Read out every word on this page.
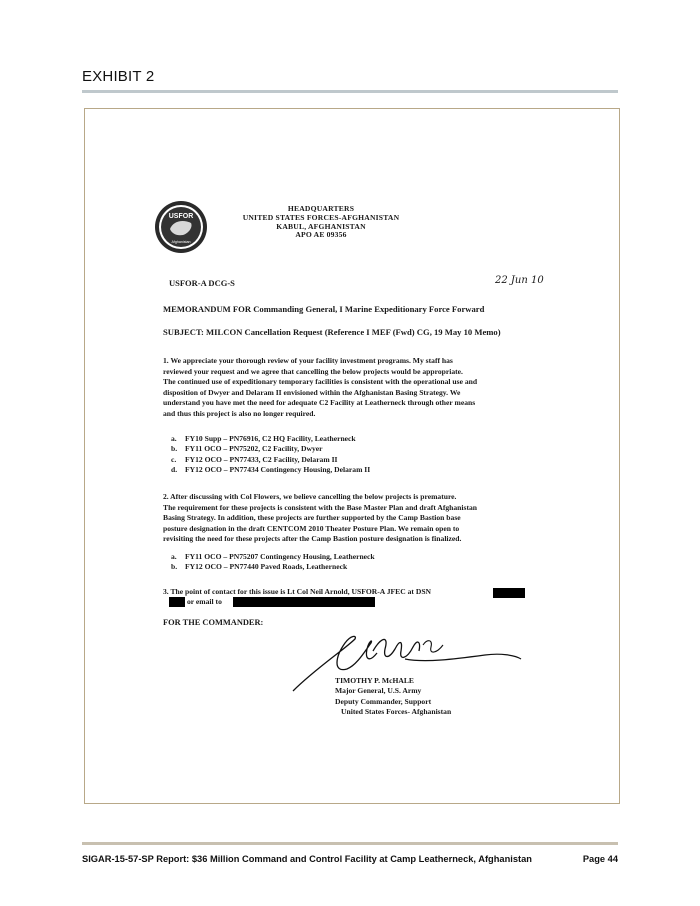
EXHIBIT 2
USFOR
Afghanistan
HEADQUARTERS
UNITED STATES FORCES-AFGHANISTAN
KABUL, AFGHANISTAN
APO AE 09356
USFOR-A DCG-S	22 Jun 10
MEMORANDUM FOR Commanding General, I Marine Expeditionary Force Forward
SUBJECT: MILCON Cancellation Request (Reference I MEF (Fwd) CG, 19 May 10 Memo)
1. We appreciate your thorough review of your facility investment programs. My staff has
reviewed your request and we agree that cancelling the below projects would be appropriate.
The continued use of expeditionary temporary facilities is consistent with the operational use and
disposition of Dwyer and Delaram II envisioned within the Afghanistan Basing Strategy. We
understand you have met the need for adequate C2 Facility at Leatherneck through other means
and thus this project is also no longer required.
a. FY10 Supp – PN76916, C2 HQ Facility, Leatherneck
b. FY11 OCO – PN75202, C2 Facility, Dwyer
c. FY12 OCO – PN77433, C2 Facility, Delaram II
d. FY12 OCO – PN77434 Contingency Housing, Delaram II
2. After discussing with Col Flowers, we believe cancelling the below projects is premature.
The requirement for these projects is consistent with the Base Master Plan and draft Afghanistan
Basing Strategy. In addition, these projects are further supported by the Camp Bastion base
posture designation in the draft CENTCOM 2010 Theater Posture Plan. We remain open to
revisiting the need for these projects after the Camp Bastion posture designation is finalized.
a. FY11 OCO – PN75207 Contingency Housing, Leatherneck
b. FY12 OCO – PN77440 Paved Roads, Leatherneck
3. The point of contact for this issue is Lt Col Neil Arnold, USFOR-A JFEC at DSN
or email to
FOR THE COMMANDER:
TIMOTHY P. McHALE
Major General, U.S. Army
Deputy Commander, Support
United States Forces- Afghanistan
SIGAR-15-57-SP Report: $36 Million Command and Control Facility at Camp Leatherneck, Afghanistan	Page 44
